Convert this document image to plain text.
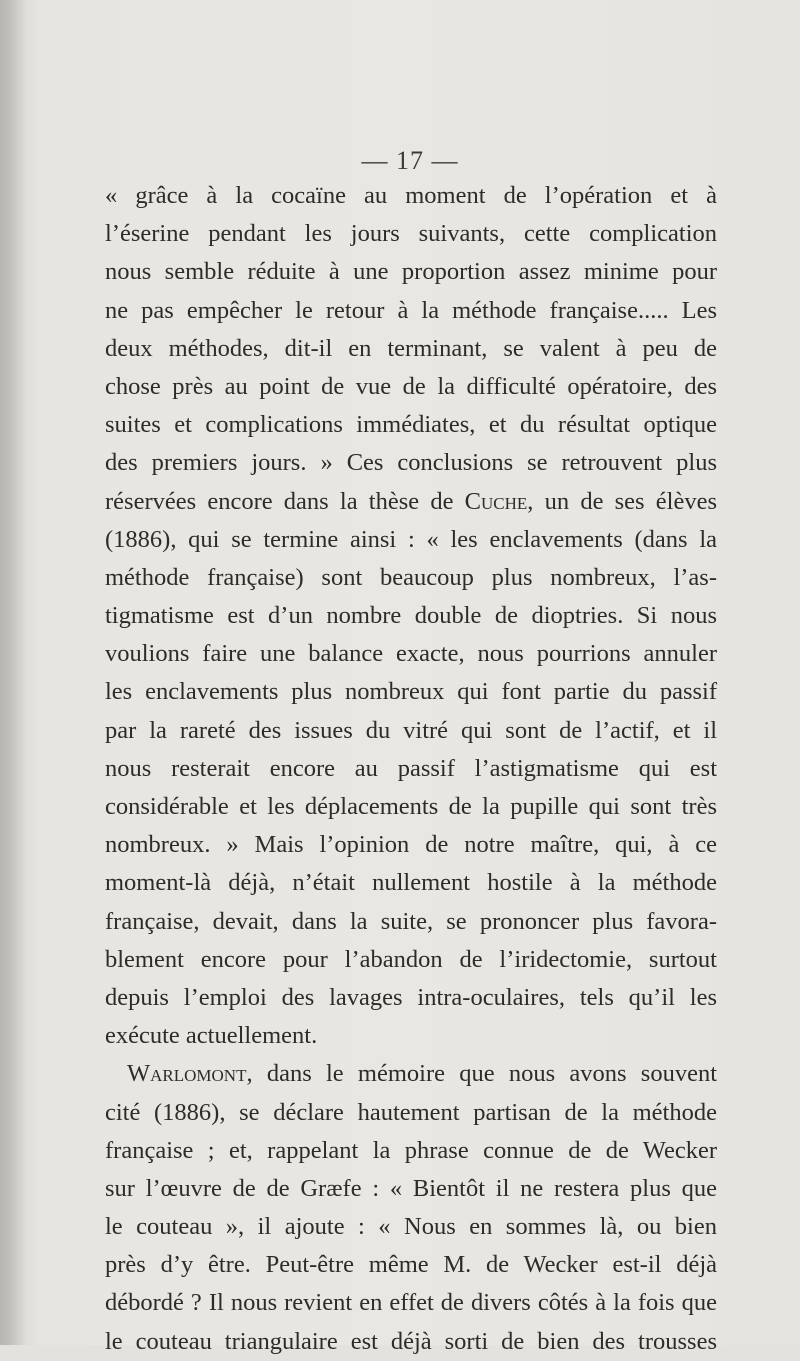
— 17 —
« grâce à la cocaïne au moment de l’opération et à
l’éserine pendant les jours suivants, cette complication
nous semble réduite à une proportion assez minime pour
ne pas empêcher le retour à la méthode française..... Les
deux méthodes, dit-il en terminant, se valent à peu de
chose près au point de vue de la difficulté opératoire, des
suites et complications immédiates, et du résultat optique
des premiers jours. » Ces conclusions se retrouvent plus
réservées encore dans la thèse de Cuche, un de ses élèves
(1886), qui se termine ainsi : « les enclavements (dans la
méthode française) sont beaucoup plus nombreux, l’as-
tigmatisme est d’un nombre double de dioptries. Si nous
voulions faire une balance exacte, nous pourrions annuler
les enclavements plus nombreux qui font partie du passif
par la rareté des issues du vitré qui sont de l’actif, et il
nous resterait encore au passif l’astigmatisme qui est
considérable et les déplacements de la pupille qui sont très
nombreux. » Mais l’opinion de notre maître, qui, à ce
moment-là déjà, n’était nullement hostile à la méthode
française, devait, dans la suite, se prononcer plus favora-
blement encore pour l’abandon de l’iridectomie, surtout
depuis l’emploi des lavages intra-oculaires, tels qu’il les
exécute actuellement.
Warlomont, dans le mémoire que nous avons souvent
cité (1886), se déclare hautement partisan de la méthode
française ; et, rappelant la phrase connue de de Wecker
sur l’œuvre de de Græfe : « Bientôt il ne restera plus que
le couteau », il ajoute : « Nous en sommes là, ou bien
près d’y être. Peut-être même M. de Wecker est-il déjà
débordé ? Il nous revient en effet de divers côtés à la fois que
le couteau triangulaire est déjà sorti de bien des trousses
